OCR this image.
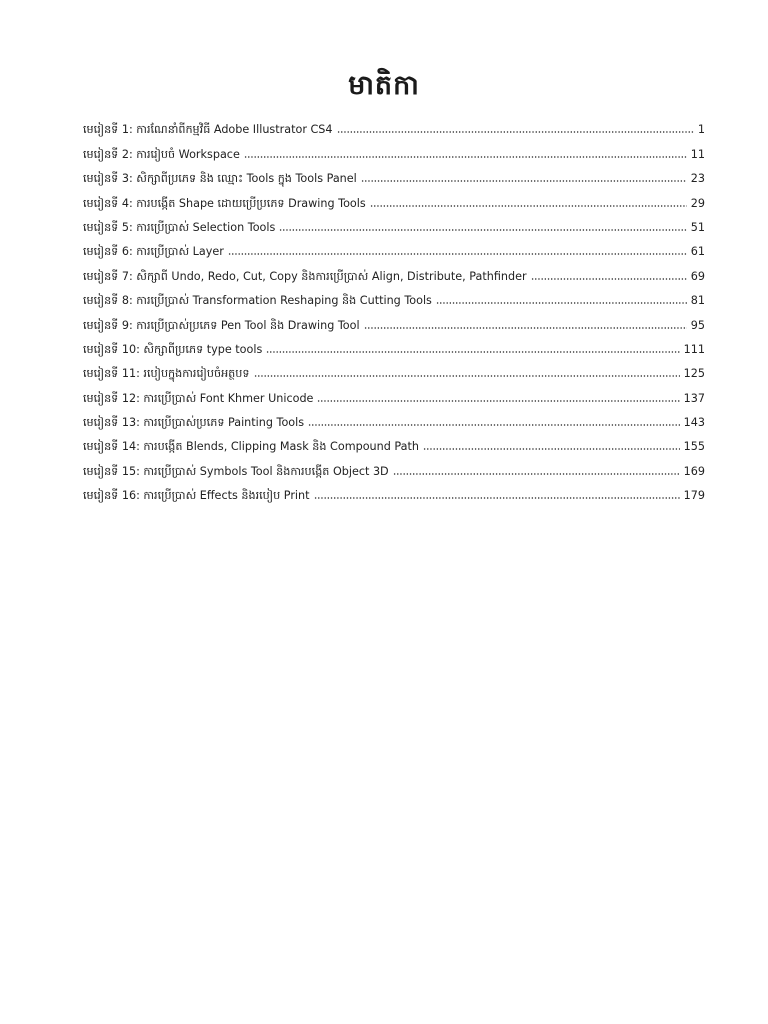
មាតិកា
មេរៀនទី 1: ការណែនាំពីកម្មវិធី Adobe Illustrator CS4	1
មេរៀនទី 2: ការរៀបចំ Workspace	11
មេរៀនទី 3: សិក្សាពីប្រភេទ និង ឈ្មោះ Tools ក្នុង Tools Panel	23
មេរៀនទី 4: ការបង្កើត Shape ដោយប្រើប្រភេទ Drawing Tools	29
មេរៀនទី 5: ការប្រើប្រាស់ Selection Tools	51
មេរៀនទី 6: ការប្រើប្រាស់ Layer	61
មេរៀនទី 7: សិក្សាពី Undo, Redo, Cut, Copy និងការប្រើប្រាស់ Align, Distribute, Pathfinder	69
មេរៀនទី 8: ការប្រើប្រាស់ Transformation Reshaping និង Cutting Tools	81
មេរៀនទី 9: ការប្រើប្រាស់ប្រភេទ Pen Tool និង Drawing Tool	95
មេរៀនទី 10: សិក្សាពីប្រភេទ type tools	111
មេរៀនទី 11: របៀបក្នុងការរៀបចំអត្ថបទ	125
មេរៀនទី 12: ការប្រើប្រាស់ Font Khmer Unicode	137
មេរៀនទី 13: ការប្រើប្រាស់ប្រភេទ Painting Tools	143
មេរៀនទី 14: ការបង្កើត Blends, Clipping Mask និង Compound Path	155
មេរៀនទី 15: ការប្រើប្រាស់ Symbols Tool និងការបង្កើត Object 3D	169
មេរៀនទី 16: ការប្រើប្រាស់ Effects និងរបៀប Print	179
